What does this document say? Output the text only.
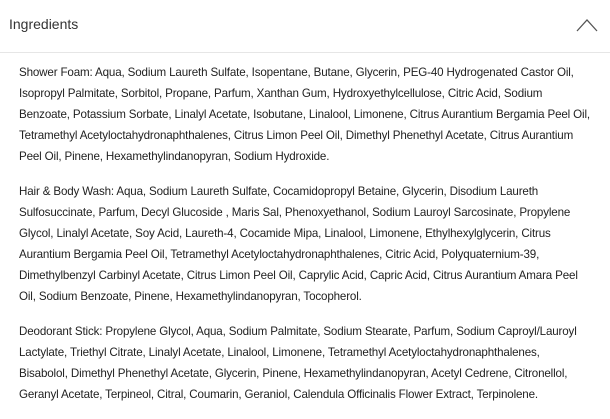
Ingredients

Shower Foam: Aqua, Sodium Laureth Sulfate, Isopentane, Butane, Glycerin, PEG-40 Hydrogenated Castor Oil, Isopropyl Palmitate, Sorbitol, Propane, Parfum, Xanthan Gum, Hydroxyethylcellulose, Citric Acid, Sodium Benzoate, Potassium Sorbate, Linalyl Acetate, Isobutane, Linalool, Limonene, Citrus Aurantium Bergamia Peel Oil, Tetramethyl Acetyloctahydronaphthalenes, Citrus Limon Peel Oil, Dimethyl Phenethyl Acetate, Citrus Aurantium Peel Oil, Pinene, Hexamethylindanopyran, Sodium Hydroxide.

Hair & Body Wash: Aqua, Sodium Laureth Sulfate, Cocamidopropyl Betaine, Glycerin, Disodium Laureth Sulfosuccinate, Parfum, Decyl Glucoside , Maris Sal, Phenoxyethanol, Sodium Lauroyl Sarcosinate, Propylene Glycol, Linalyl Acetate, Soy Acid, Laureth-4, Cocamide Mipa, Linalool, Limonene, Ethylhexylglycerin, Citrus Aurantium Bergamia Peel Oil, Tetramethyl Acetyloctahydronaphthalenes, Citric Acid, Polyquaternium-39, Dimethylbenzyl Carbinyl Acetate, Citrus Limon Peel Oil, Caprylic Acid, Capric Acid, Citrus Aurantium Amara Peel Oil, Sodium Benzoate, Pinene, Hexamethylindanopyran, Tocopherol.

Deodorant Stick: Propylene Glycol, Aqua, Sodium Palmitate, Sodium Stearate, Parfum, Sodium Caproyl/Lauroyl Lactylate, Triethyl Citrate, Linalyl Acetate, Linalool, Limonene, Tetramethyl Acetyloctahydronaphthalenes, Bisabolol, Dimethyl Phenethyl Acetate, Glycerin, Pinene, Hexamethylindanopyran, Acetyl Cedrene, Citronellol, Geranyl Acetate, Terpineol, Citral, Coumarin, Geraniol, Calendula Officinalis Flower Extract, Terpinolene.
